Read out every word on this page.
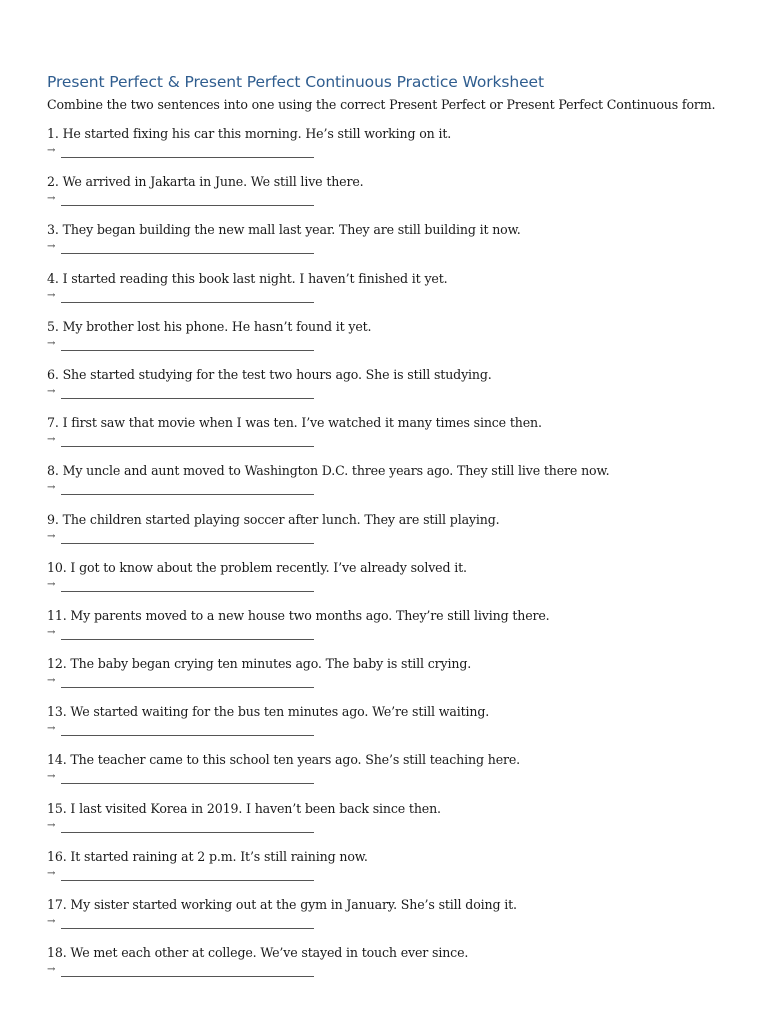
Present Perfect & Present Perfect Continuous Practice Worksheet

Combine the two sentences into one using the correct Present Perfect or Present Perfect Continuous form.

1. He started fixing his car this morning. He’s still working on it.
→
2. We arrived in Jakarta in June. We still live there.
→
3. They began building the new mall last year. They are still building it now.
→
4. I started reading this book last night. I haven’t finished it yet.
→
5. My brother lost his phone. He hasn’t found it yet.
→
6. She started studying for the test two hours ago. She is still studying.
→
7. I first saw that movie when I was ten. I’ve watched it many times since then.
→
8. My uncle and aunt moved to Washington D.C. three years ago. They still live there now.
→
9. The children started playing soccer after lunch. They are still playing.
→
10. I got to know about the problem recently. I’ve already solved it.
→
11. My parents moved to a new house two months ago. They’re still living there.
→
12. The baby began crying ten minutes ago. The baby is still crying.
→
13. We started waiting for the bus ten minutes ago. We’re still waiting.
→
14. The teacher came to this school ten years ago. She’s still teaching here.
→
15. I last visited Korea in 2019. I haven’t been back since then.
→
16. It started raining at 2 p.m. It’s still raining now.
→
17. My sister started working out at the gym in January. She’s still doing it.
→
18. We met each other at college. We’ve stayed in touch ever since.
→
